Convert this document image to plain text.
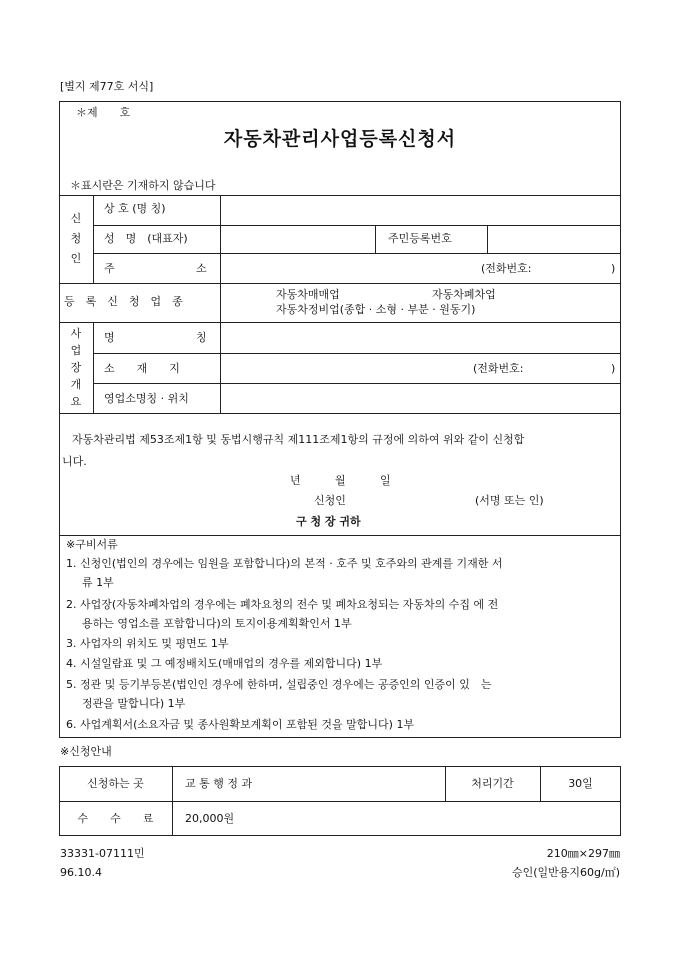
[별지 제77호 서식]
＊제　　호
자동차관리사업등록신청서
＊표시란은 기재하지 않습니다
신
청
인
상 호 (명 칭)
성　명　(대표자)	주민등록번호
주	소	(전화번호:	)
등　록　신　청　업　종
자동차매매업	자동차폐차업
자동차정비업(종합 · 소형 · 부분 · 원동기)
사
업
장
개
요
명	칭
소　　재　　지	(전화번호:	)
영업소명칭 · 위치
자동차관리법 제53조제1항 및 동법시행규칙 제111조제1항의 규정에 의하여 위와 같이 신청합
니다.
년	월	일
신청인	(서명 또는 인)
구 청 장 귀하
※구비서류
1. 신청인(법인의 경우에는 임원을 포함합니다)의 본적 · 호주 및 호주와의 관계를 기재한 서
류 1부
2. 사업장(자동차폐차업의 경우에는 폐차요청의 전수 및 폐차요청되는 자동차의 수집 에 전
용하는 영업소를 포함합니다)의 토지이용계획확인서 1부
3. 사업자의 위치도 및 평면도 1부
4. 시설일람표 및 그 예정배치도(매매업의 경우를 제외합니다) 1부
5. 정관 및 등기부등본(법인인 경우에 한하며, 설립중인 경우에는 공증인의 인증이 있　는
정관을 말합니다) 1부
6. 사업계획서(소요자금 및 종사원확보계획이 포함된 것을 말합니다) 1부
※신청안내
신청하는 곳	교 통 행 정 과	처리기간	30일
수　　수　　료	20,000원
33331-07111민
96.10.4
210㎜×297㎜
승인(일반용지60g/㎡)
